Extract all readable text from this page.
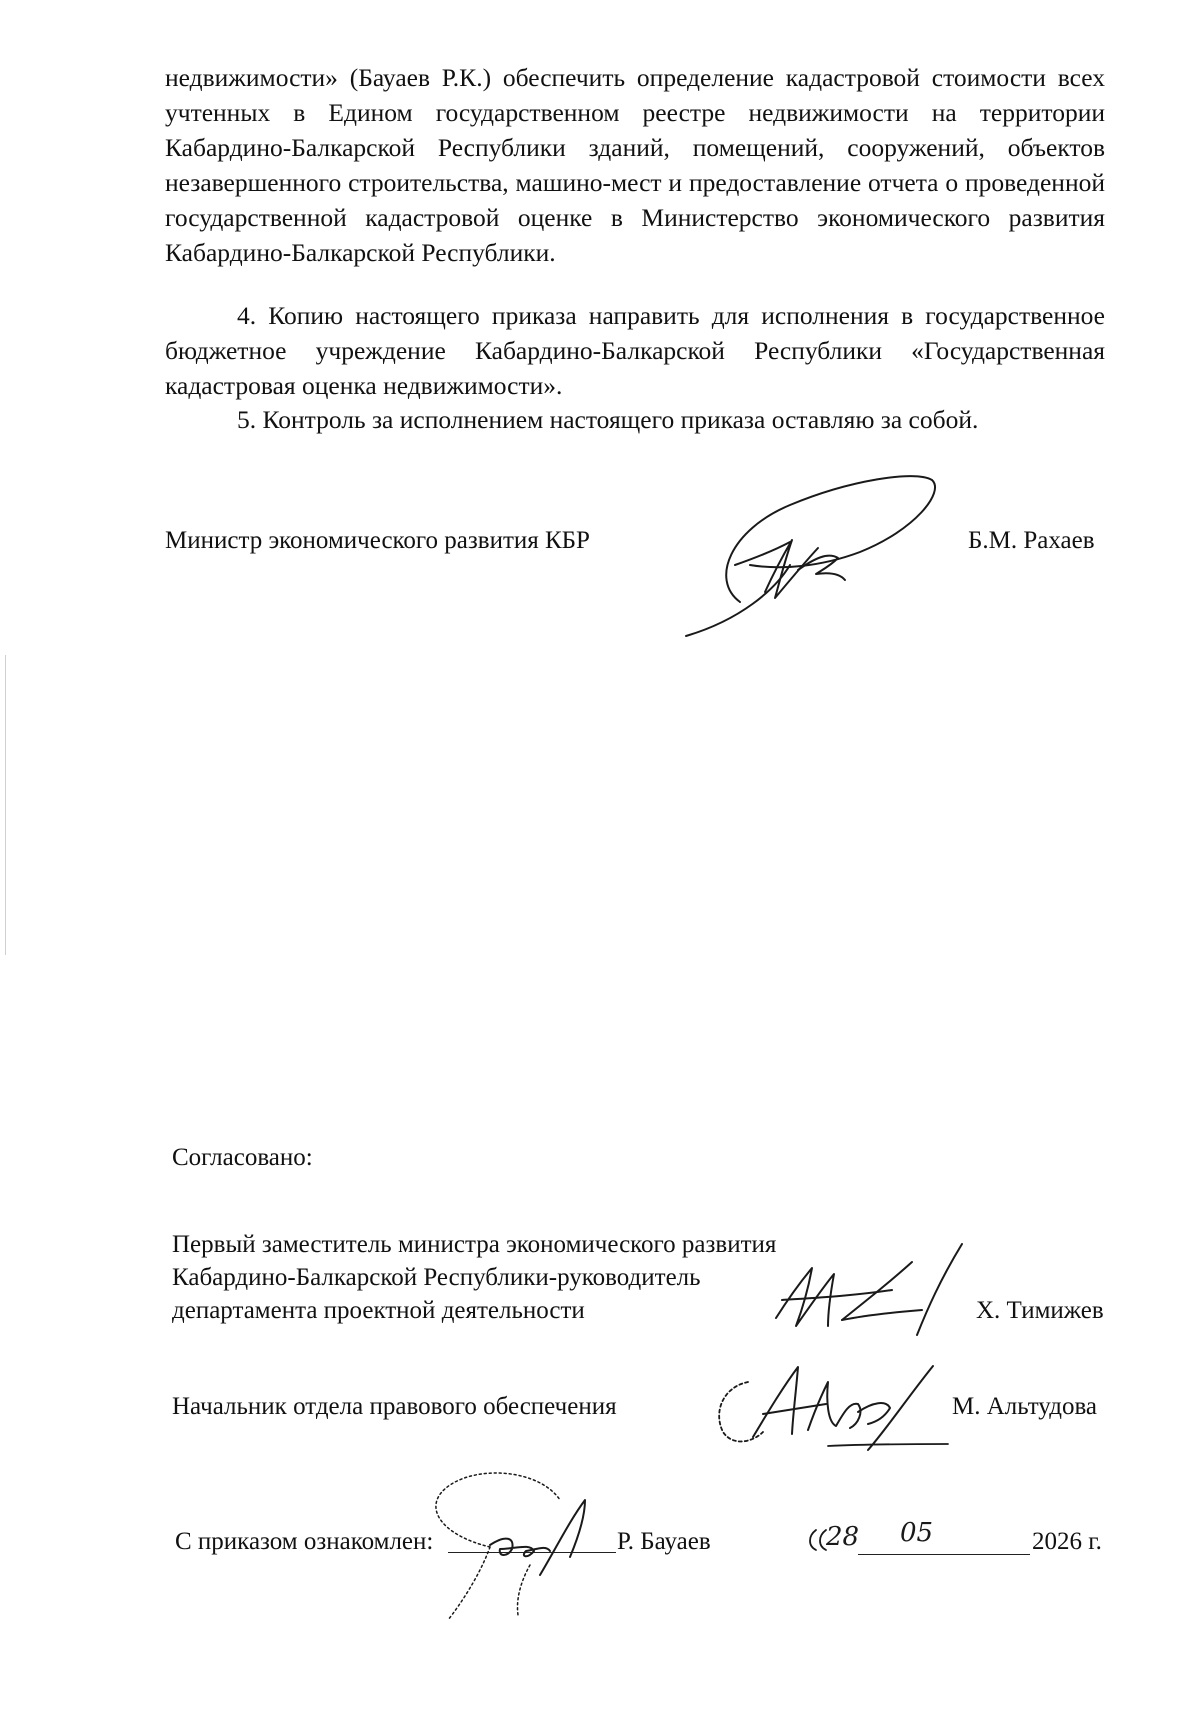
недвижимости» (Бауаев Р.К.) обеспечить определение кадастровой стоимости всех учтенных в Едином государственном реестре недвижимости на территории Кабардино-Балкарской Республики зданий, помещений, сооружений, объектов незавершенного строительства, машино-мест и предоставление отчета о проведенной государственной кадастровой оценке в Министерство экономического развития Кабардино-Балкарской Республики.
4. Копию настоящего приказа направить для исполнения в государственное бюджетное учреждение Кабардино-Балкарской Республики «Государственная кадастровая оценка недвижимости».
5. Контроль за исполнением настоящего приказа оставляю за собой.
Министр экономического развития КБР	Б.М. Рахаев
Согласовано:
Первый заместитель министра экономического развития
Кабардино-Балкарской Республики-руководитель
департамента проектной деятельности	Х. Тимижев
Начальник отдела правового обеспечения	М. Альтудова
С приказом ознакомлен:	Р. Бауаев	28 05	2026 г.
